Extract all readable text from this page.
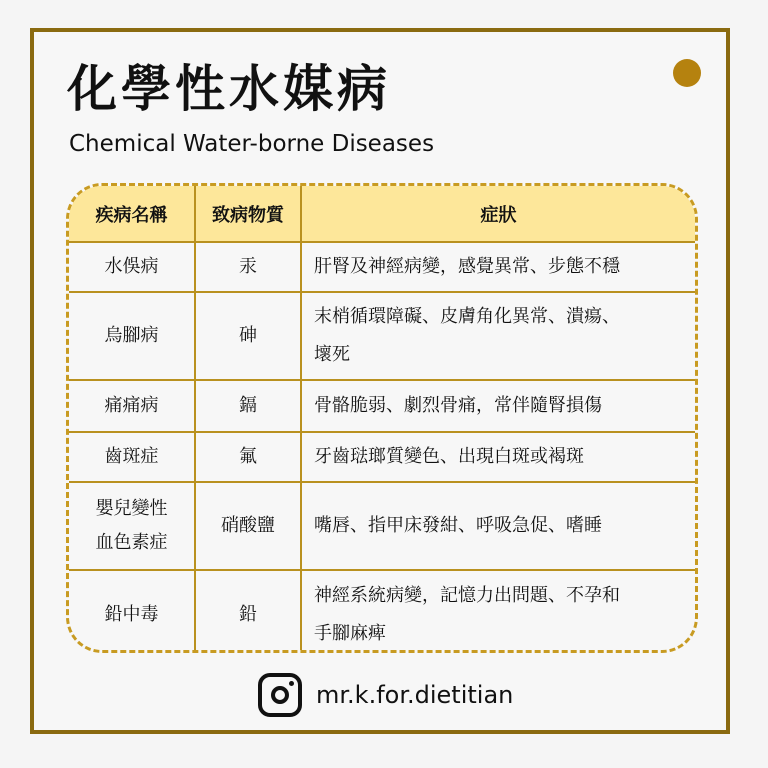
化學性水媒病
Chemical Water-borne Diseases
疾病名稱	致病物質	症狀
水俁病	汞	肝腎及神經病變，感覺異常、步態不穩
烏腳病	砷	末梢循環障礙、皮膚角化異常、潰瘍、
壞死
痛痛病	鎘	骨骼脆弱、劇烈骨痛，常伴隨腎損傷
齒斑症	氟	牙齒琺瑯質變色、出現白斑或褐斑
嬰兒變性
血色素症	硝酸鹽	嘴唇、指甲床發紺、呼吸急促、嗜睡
鉛中毒	鉛	神經系統病變，記憶力出問題、不孕和
手腳麻痺
mr.k.for.dietitian
